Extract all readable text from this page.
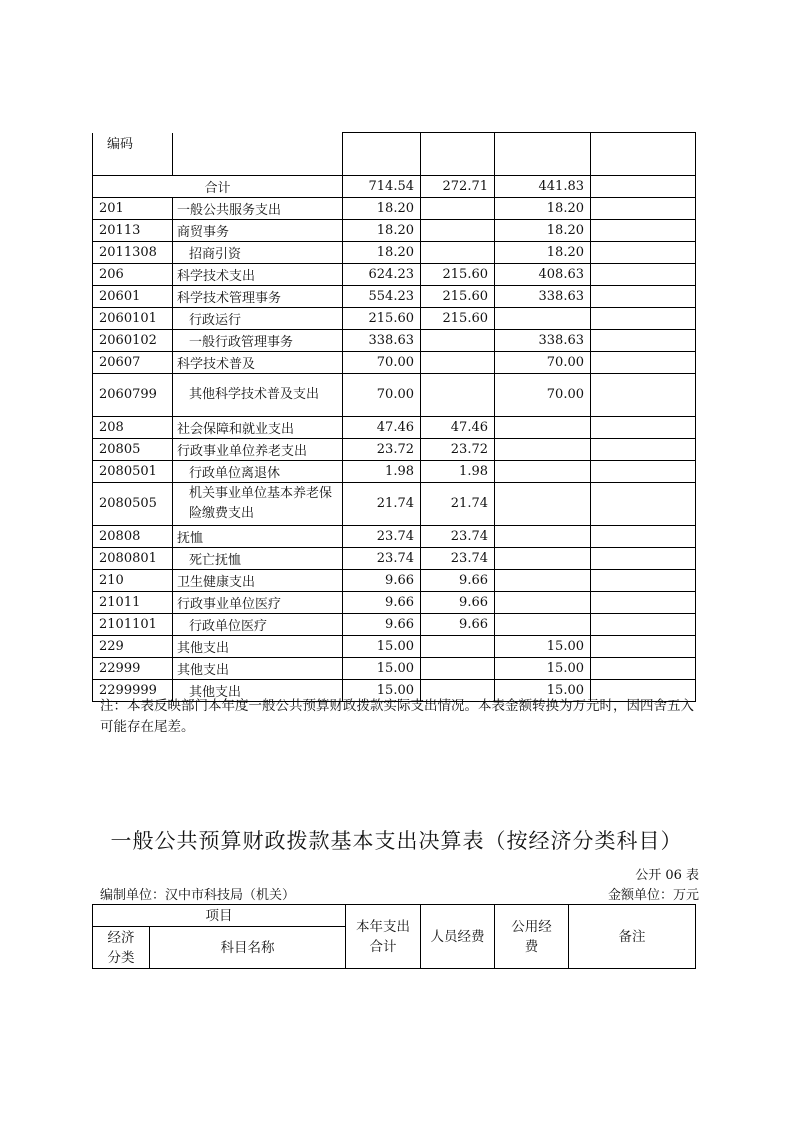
编码					
合计		714.54	272.71	441.83	
201	一般公共服务支出	18.20		18.20	
20113	商贸事务	18.20		18.20	
2011308	招商引资	18.20		18.20	
206	科学技术支出	624.23	215.60	408.63	
20601	科学技术管理事务	554.23	215.60	338.63	
2060101	行政运行	215.60	215.60		
2060102	一般行政管理事务	338.63		338.63	
20607	科学技术普及	70.00		70.00	
2060799	其他科学技术普及支出	70.00		70.00	
208	社会保障和就业支出	47.46	47.46		
20805	行政事业单位养老支出	23.72	23.72		
2080501	行政单位离退休	1.98	1.98		
2080505	机关事业单位基本养老保险缴费支出	21.74	21.74		
20808	抚恤	23.74	23.74		
2080801	死亡抚恤	23.74	23.74		
210	卫生健康支出	9.66	9.66		
21011	行政事业单位医疗	9.66	9.66		
2101101	行政单位医疗	9.66	9.66		
229	其他支出	15.00		15.00	
22999	其他支出	15.00		15.00	
2299999	其他支出	15.00		15.00	
注：本表反映部门本年度一般公共预算财政拨款实际支出情况。本表金额转换为万元时，因四舍五入可能存在尾差。
一般公共预算财政拨款基本支出决算表（按经济分类科目）
公开 06 表
编制单位：汉中市科技局（机关）	金额单位：万元
项目		本年支出合计	人员经费	公用经费	备注
经济分类	科目名称				
